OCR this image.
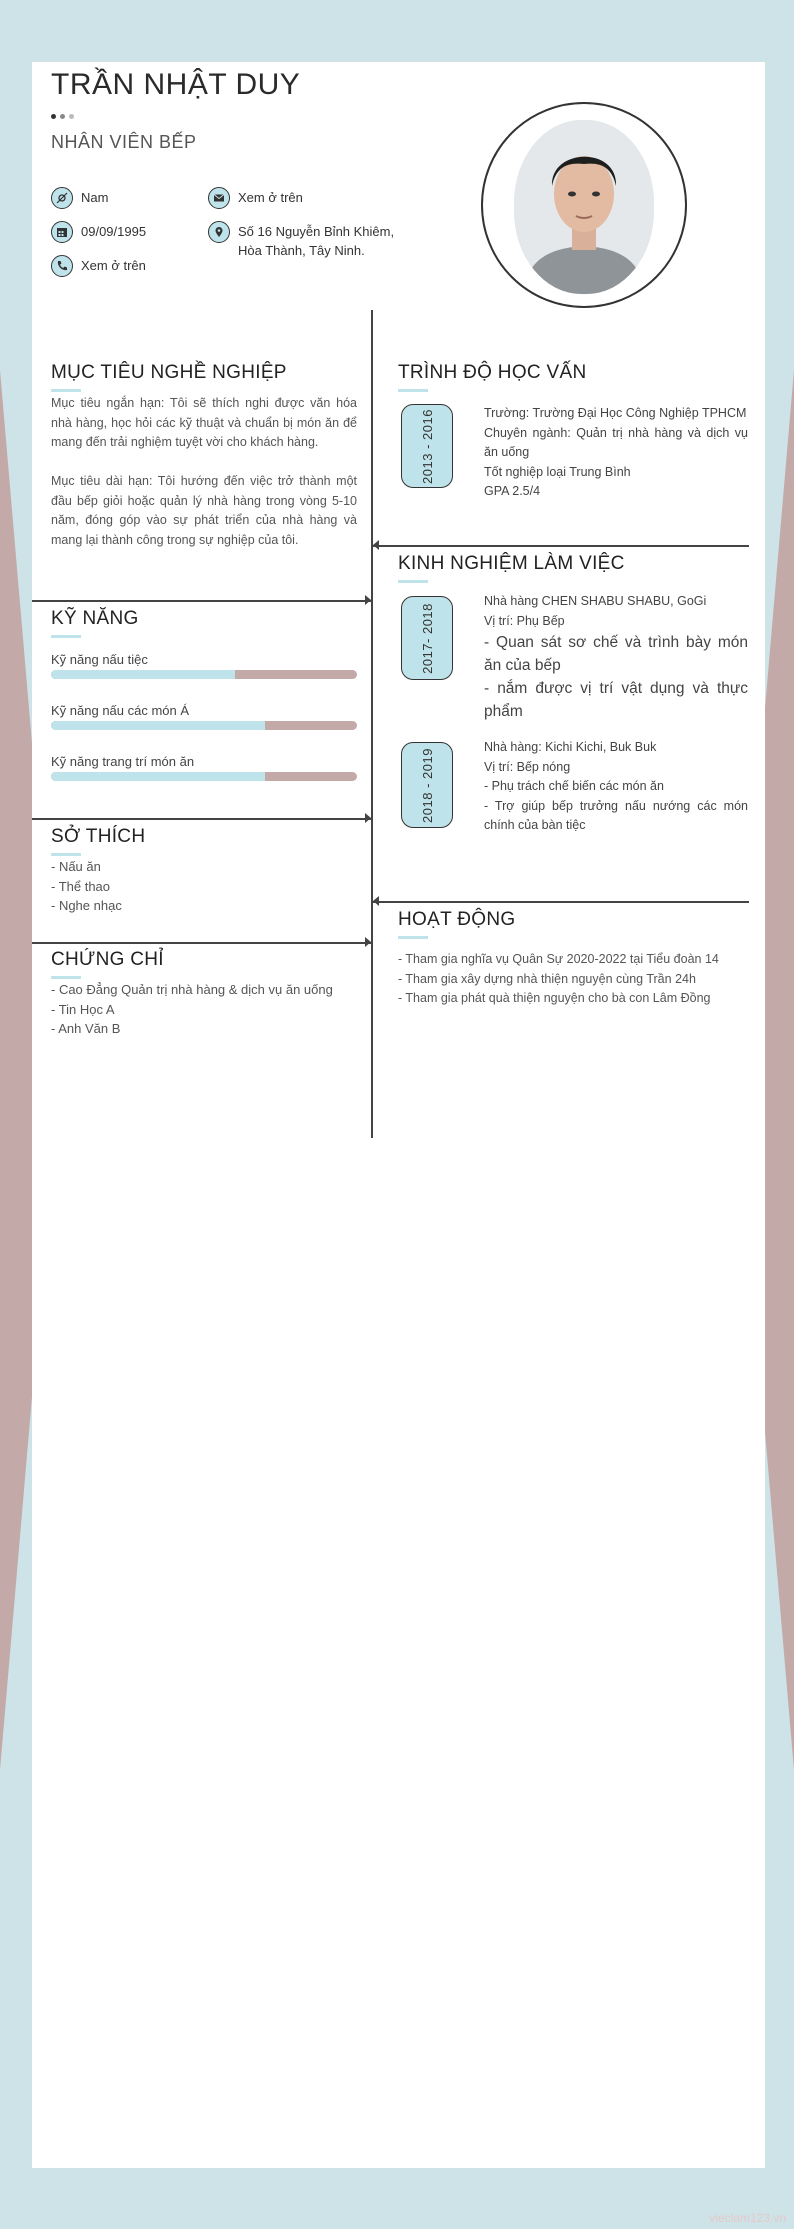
TRẦN NHẬT DUY
NHÂN VIÊN BẾP
Nam
09/09/1995
Xem ở trên
Xem ở trên
Số 16 Nguyễn Bỉnh Khiêm,
Hòa Thành, Tây Ninh.
MỤC TIÊU NGHỀ NGHIỆP
Mục tiêu ngắn hạn: Tôi sẽ thích nghi được văn hóa nhà hàng, học hỏi các kỹ thuật và chuẩn bị món ăn để mang đến trải nghiệm tuyệt vời cho khách hàng.
Mục tiêu dài hạn: Tôi hướng đến việc trở thành một đầu bếp giỏi hoặc quản lý nhà hàng trong vòng 5-10 năm, đóng góp vào sự phát triển của nhà hàng và mang lại thành công trong sự nghiệp của tôi.
KỸ NĂNG
Kỹ năng nấu tiệc
Kỹ năng nấu các món Á
Kỹ năng trang trí món ăn
SỞ THÍCH
- Nấu ăn
- Thể thao
- Nghe nhạc
CHỨNG CHỈ
- Cao Đẳng Quản trị nhà hàng & dịch vụ ăn uống
- Tin Học A
- Anh Văn B
TRÌNH ĐỘ HỌC VẤN
2013 - 2016	Trường: Trường Đại Học Công Nghiệp TPHCM
Chuyên ngành: Quản trị nhà hàng và dịch vụ ăn uống
Tốt nghiệp loại Trung Bình
GPA 2.5/4
KINH NGHIỆM LÀM VIỆC
2017- 2018
Nhà hàng CHEN SHABU SHABU, GoGi
Vị trí: Phụ Bếp
- Quan sát sơ chế và trình bày món ăn của bếp
- nắm được vị trí vật dụng và thực phẩm
2018 - 2019
Nhà hàng: Kichi Kichi, Buk Buk
Vị trí: Bếp nóng
- Phụ trách chế biến các món ăn
- Trợ giúp bếp trưởng nấu nướng các món chính của bàn tiệc
HOẠT ĐỘNG
- Tham gia nghĩa vụ Quân Sự 2020-2022 tại Tiểu đoàn 14
- Tham gia xây dựng nhà thiện nguyện cùng Trần 24h
- Tham gia phát quà thiện nguyện cho bà con Lâm Đồng
vieclam123.vn
